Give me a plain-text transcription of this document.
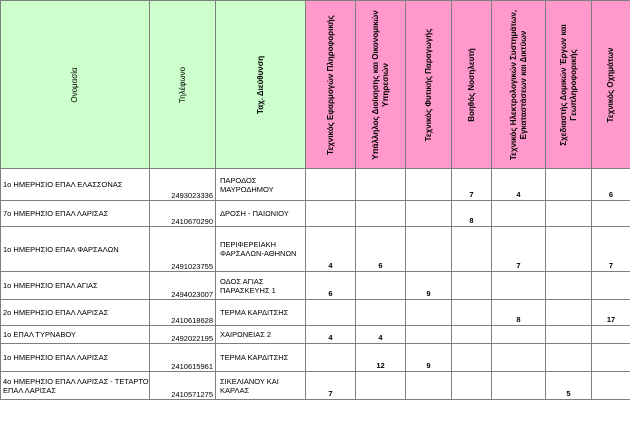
Ονομασία	Τηλέφωνο	Ταχ. Διεύθυνση	Τεχνικός Εφαρμογών Πληροφορικής	Υπάλληλος Διοίκησης και Οικονομικών Υπηρεσιών	Τεχνικός Φυτικής Παραγωγής	Βοηθός Νοσηλευτή	Τεχνικός Ηλεκτρολογικών Συστημάτων, Εγκαταστάσεων και Δικτύων	Σχεδιαστής Δομικών Έργων και Γεωπληροφορικής	Τεχνικός Οχημάτων

1ο ΗΜΕΡΗΣΙΟ ΕΠΑΛ ΕΛΑΣΣΟΝΑΣ	2493023336	ΠΑΡΟΔΟΣ ΜΑΥΡΟΔΗΜΟΥ				7	4		6
7ο ΗΜΕΡΗΣΙΟ ΕΠΑΛ ΛΑΡΙΣΑΣ	2410670290	ΔΡΟΣΗ - ΠΑΙΩΝΙΟΥ				8			
1ο ΗΜΕΡΗΣΙΟ ΕΠΑΛ ΦΑΡΣΑΛΩΝ	2491023755	ΠΕΡΙΦΕΡΕΙΑΚΗ ΦΑΡΣΑΛΩΝ-ΑΘΗΝΩΝ	4	6			7		7
1ο ΗΜΕΡΗΣΙΟ ΕΠΑΛ ΑΓΙΑΣ	2494023007	ΟΔΟΣ ΑΓΙΑΣ ΠΑΡΑΣΚΕΥΗΣ 1	6		9				
2ο ΗΜΕΡΗΣΙΟ ΕΠΑΛ ΛΑΡΙΣΑΣ	2410618628	ΤΕΡΜΑ ΚΑΡΔΙΤΣΗΣ					8		17
1ο ΕΠΑΛ ΤΥΡΝΑΒΟΥ	2492022195	ΧΑΙΡΩΝΕΙΑΣ 2	4	4					
1ο ΗΜΕΡΗΣΙΟ ΕΠΑΛ ΛΑΡΙΣΑΣ	2410615961	ΤΕΡΜΑ ΚΑΡΔΙΤΣΗΣ		12	9				
4ο ΗΜΕΡΗΣΙΟ ΕΠΑΛ ΛΑΡΙΣΑΣ - ΤΕΤΑΡΤΟ ΕΠΑΛ ΛΑΡΙΣΑΣ	2410571275	ΣΙΚΕΛΙΑΝΟΥ ΚΑΙ ΚΑΡΛΑΣ	7					5	
